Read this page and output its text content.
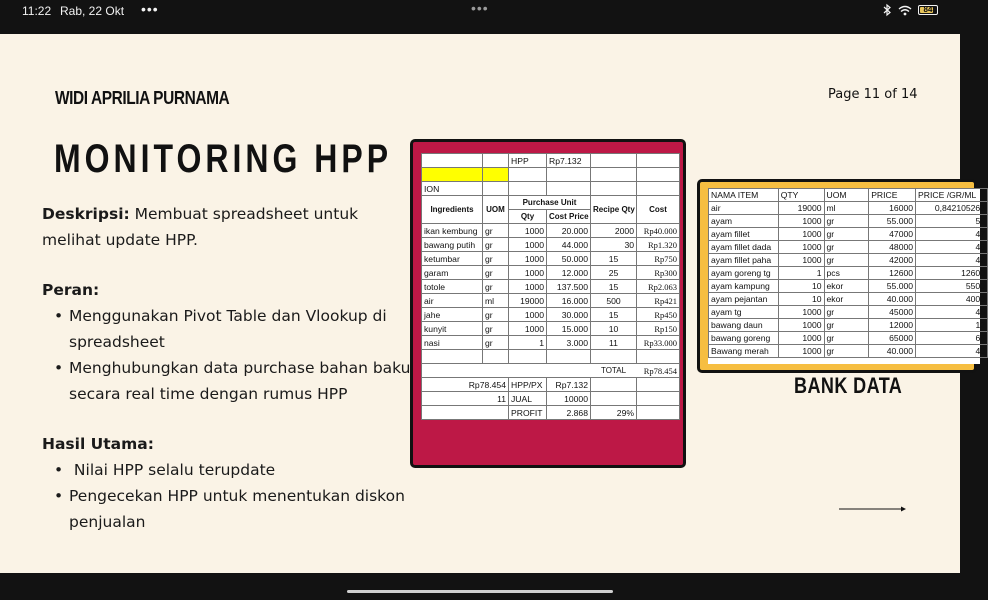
11:22 Rab, 22 Okt •••	•••	84
WIDI APRILIA PURNAMA	Page 11 of 14
MONITORING HPP

Deskripsi: Membuat spreadsheet untuk melihat update HPP.

Peran:

• Menggunakan Pivot Table dan Vlookup di spreadsheet
• Menghubungkan data purchase bahan baku secara real time dengan rumus HPP

Hasil Utama:

•  Nilai HPP selalu terupdate
• Pengecekan HPP untuk menentukan diskon penjualan
		HPP	Rp7.132		

ION					
Ingredients	UOM	Purchase Unit		Recipe Qty	Cost
		Qty	Cost Price		
ikan kembung	gr	1000	20.000	2000	Rp40.000
bawang putih	gr	1000	44.000	30	Rp1.320
ketumbar	gr	1000	50.000	15	Rp750
garam	gr	1000	12.000	25	Rp300
totole	gr	1000	137.500	15	Rp2.063
air	ml	19000	16.000	500	Rp421
jahe	gr	1000	30.000	15	Rp450
kunyit	gr	1000	15.000	10	Rp150
nasi	gr	1	3.000	11	Rp33.000

				TOTAL	Rp78.454
Rp78.454		HPP/PX	Rp7.132		
11		JUAL	10000		
		PROFIT	2.868	29%	
NAMA ITEM	QTY	UOM	PRICE	PRICE /GR/ML
air	19000	ml	16000	0,842105263
ayam	1000	gr	55.000	55
ayam fillet	1000	gr	47000	47
ayam fillet dada	1000	gr	48000	48
ayam fillet paha	1000	gr	42000	42
ayam goreng tg	1	pcs	12600	12600
ayam kampung	10	ekor	55.000	5500
ayam pejantan	10	ekor	40.000	4000
ayam tg	1000	gr	45000	45
bawang daun	1000	gr	12000	12
bawang goreng	1000	gr	65000	65
Bawang merah	1000	gr	40.000	40
BANK DATA
